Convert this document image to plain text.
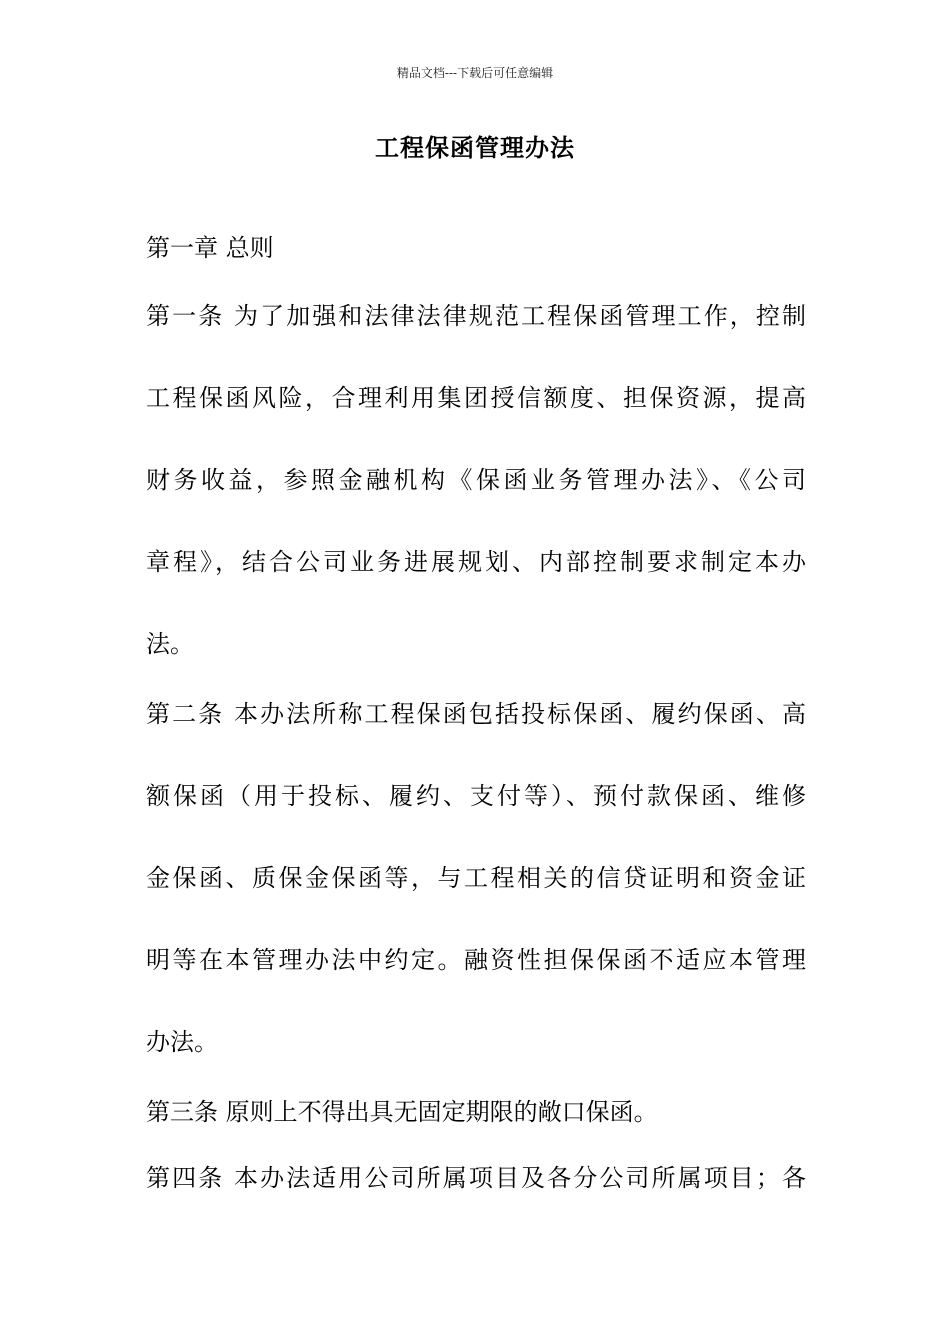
精品文档---下载后可任意编辑
工程保函管理办法
第一章 总则
第一条 为了加强和法律法律规范工程保函管理工作，控制
工程保函风险，合理利用集团授信额度、担保资源，提高
财务收益，参照金融机构《保函业务管理办法》、《公司
章程》，结合公司业务进展规划、内部控制要求制定本办
法。
第二条 本办法所称工程保函包括投标保函、履约保函、高
额保函（用于投标、履约、支付等）、预付款保函、维修
金保函、质保金保函等，与工程相关的信贷证明和资金证
明等在本管理办法中约定。融资性担保保函不适应本管理
办法。
第三条 原则上不得出具无固定期限的敞口保函。
第四条 本办法适用公司所属项目及各分公司所属项目；各
